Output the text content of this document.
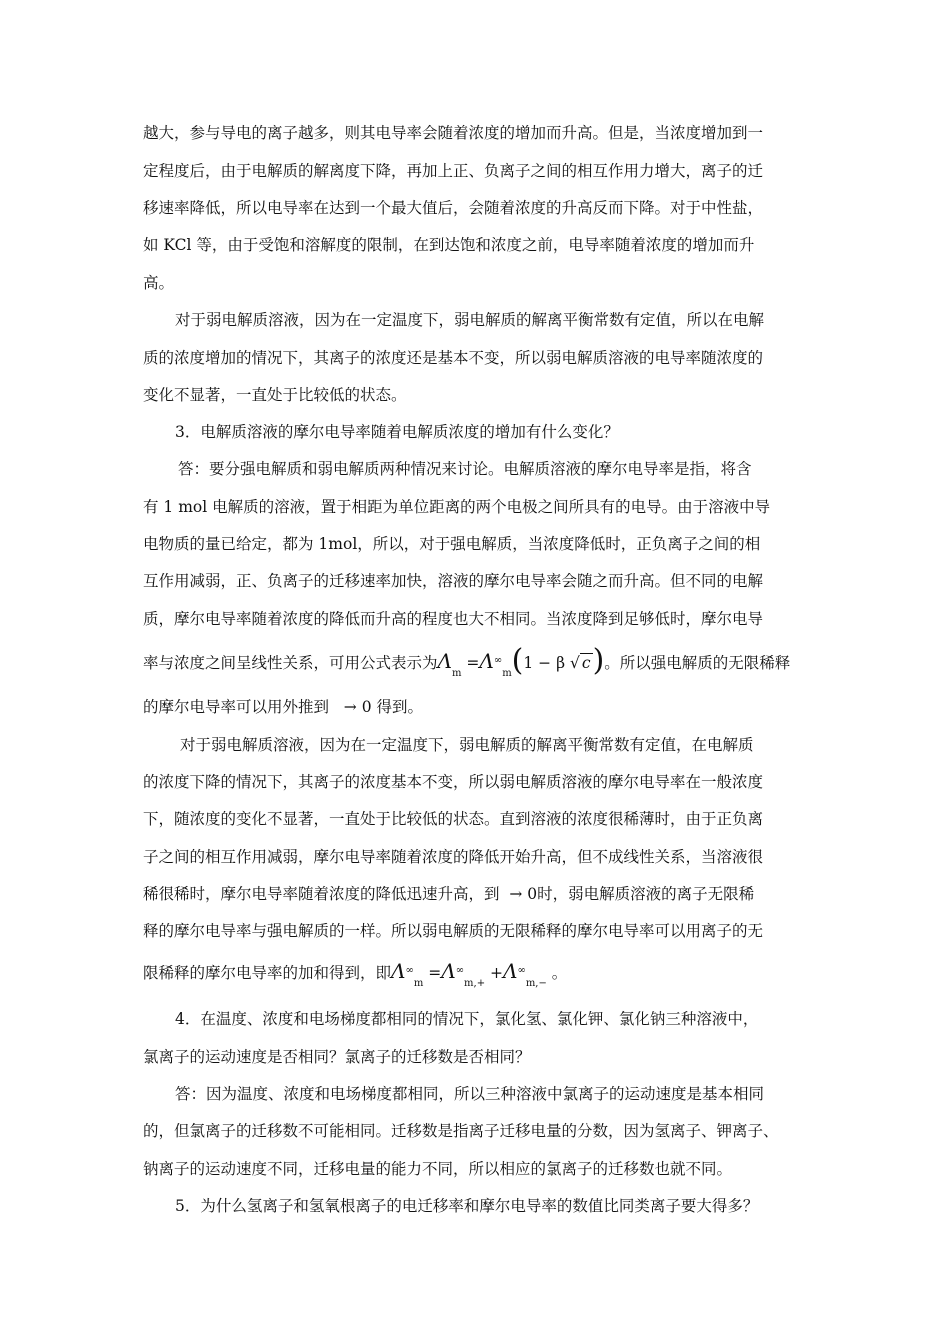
越大，参与导电的离子越多，则其电导率会随着浓度的增加而升高。但是，当浓度增加到一
定程度后，由于电解质的解离度下降，再加上正、负离子之间的相互作用力增大，离子的迁
移速率降低，所以电导率在达到一个最大值后，会随着浓度的升高反而下降。对于中性盐，
如 KCl 等，由于受饱和溶解度的限制，在到达饱和浓度之前，电导率随着浓度的增加而升
高。
对于弱电解质溶液，因为在一定温度下，弱电解质的解离平衡常数有定值，所以在电解
质的浓度增加的情况下，其离子的浓度还是基本不变，所以弱电解质溶液的电导率随浓度的
变化不显著，一直处于比较低的状态。
3．电解质溶液的摩尔电导率随着电解质浓度的增加有什么变化？
答：要分强电解质和弱电解质两种情况来讨论。电解质溶液的摩尔电导率是指，将含
有 1 mol 电解质的溶液，置于相距为单位距离的两个电极之间所具有的电导。由于溶液中导
电物质的量已给定，都为 1mol，所以，对于强电解质，当浓度降低时，正负离子之间的相
互作用减弱，正、负离子的迁移速率加快，溶液的摩尔电导率会随之而升高。但不同的电解
质，摩尔电导率随着浓度的降低而升高的程度也大不相同。当浓度降到足够低时，摩尔电导
率与浓度之间呈线性关系，可用公式表示为$\Lambda_m =\Lambda^\infty_m(1 - \beta$ √ c)。所以强电解质的无限稀释
的摩尔电导率可以用外推到 → 0 得到。
对于弱电解质溶液，因为在一定温度下，弱电解质的解离平衡常数有定值，在电解质
的浓度下降的情况下，其离子的浓度基本不变，所以弱电解质溶液的摩尔电导率在一般浓度
下，随浓度的变化不显著，一直处于比较低的状态。直到溶液的浓度很稀薄时，由于正负离
子之间的相互作用减弱，摩尔电导率随着浓度的降低开始升高，但不成线性关系，当溶液很
稀很稀时，摩尔电导率随着浓度的降低迅速升高，到 → 0时，弱电解质溶液的离子无限稀
释的摩尔电导率与强电解质的一样。所以弱电解质的无限稀释的摩尔电导率可以用离子的无
限稀释的摩尔电导率的加和得到，即$\Lambda^\infty_m =\Lambda^\infty_{m,+} +\Lambda^\infty_{m,-}$ 。
4．在温度、浓度和电场梯度都相同的情况下，氯化氢、氯化钾、氯化钠三种溶液中，
氯离子的运动速度是否相同？氯离子的迁移数是否相同？
答：因为温度、浓度和电场梯度都相同，所以三种溶液中氯离子的运动速度是基本相同
的，但氯离子的迁移数不可能相同。迁移数是指离子迁移电量的分数，因为氢离子、钾离子、
钠离子的运动速度不同，迁移电量的能力不同，所以相应的氯离子的迁移数也就不同。
5．为什么氢离子和氢氧根离子的电迁移率和摩尔电导率的数值比同类离子要大得多？
